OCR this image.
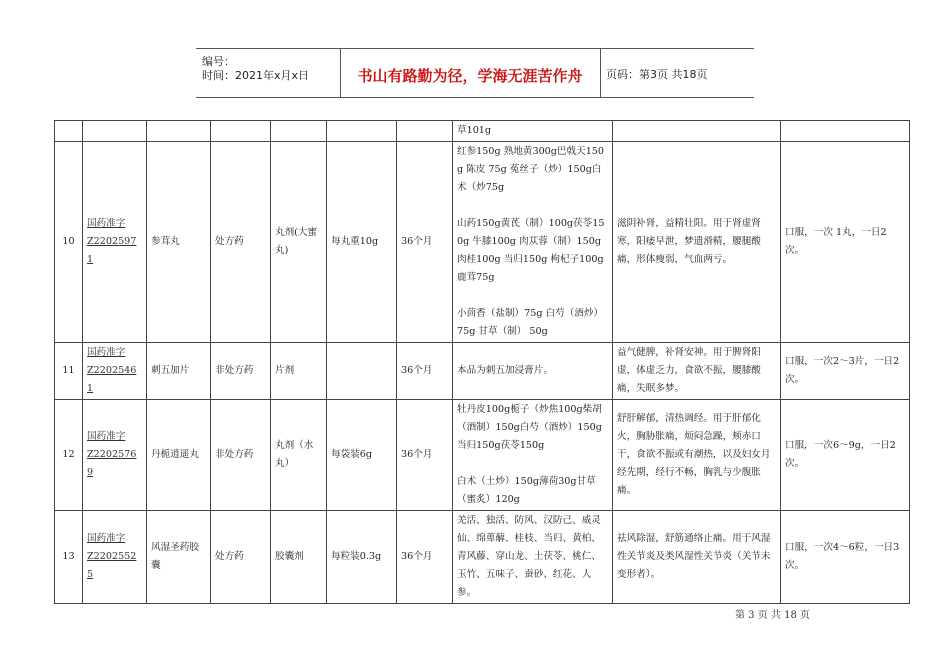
编号：
时间：2021年x月x日	书山有路勤为径，学海无涯苦作舟	页码：第3页 共18页
							草101g		
10	国药准字
Z22025971	参茸丸	处方药	丸剂(大蜜
丸)	每丸重10g	36个月	红参150g 熟地黄300g巴戟天150g 陈皮 75g 菟丝子（炒）150g白术（炒75g
山药150g黄芪（制）100g茯苓150g 牛膝100g 肉苁蓉（制）150g 肉桂100g 当归150g 枸杞子100g鹿茸75g
小茴香（盐制）75g 白芍（酒炒）75g 甘草（制） 50g	滋阴补肾，益精壮阳。用于肾虚肾寒，阳痿早泄，梦遗滑精，腰腿酸痛，形体瘦弱，气血两亏。	口服，一次 1丸，一日2次。
11	国药准字
Z22025461	刺五加片	非处方药	片剂		36个月	本品为刺五加浸膏片。	益气健脾，补肾安神。用于脾肾阳虚，体虚乏力，食欲不振，腰膝酸痛，失眠多梦。	口服，一次2～3片，一日2次。
12	国药准字
Z22025769	丹栀逍遥丸	非处方药	丸剂（水
丸）	每袋装6g	36个月	牡丹皮100g栀子（炒焦100g柴胡（酒制）150g白芍（酒炒）150g当归150g茯苓150g
白术（土炒）150g薄荷30g甘草（蜜炙）120g	舒肝解郁，清热调经。用于肝郁化火，胸胁胀痛，烦闷急躁，颊赤口干，食欲不振或有潮热，以及妇女月经先期，经行不畅，胸乳与少腹胀痛。	口服，一次6～9g，一日2次。
13	国药准字
Z22025525	风湿圣药胶囊	处方药	胶囊剂	每粒装0.3g	36个月	羌活、独活、防风、汉防己、威灵仙、绵萆薢、桂枝、当归、黄柏、青风藤、穿山龙、土茯苓、桃仁、玉竹、五味子、蚕砂、红花、人参。	祛风除湿，舒筋通络止痛。用于风湿性关节炎及类风湿性关节炎（关节未变形者）。	口服，一次4～6粒，一日3次。
第 3 页 共 18 页
